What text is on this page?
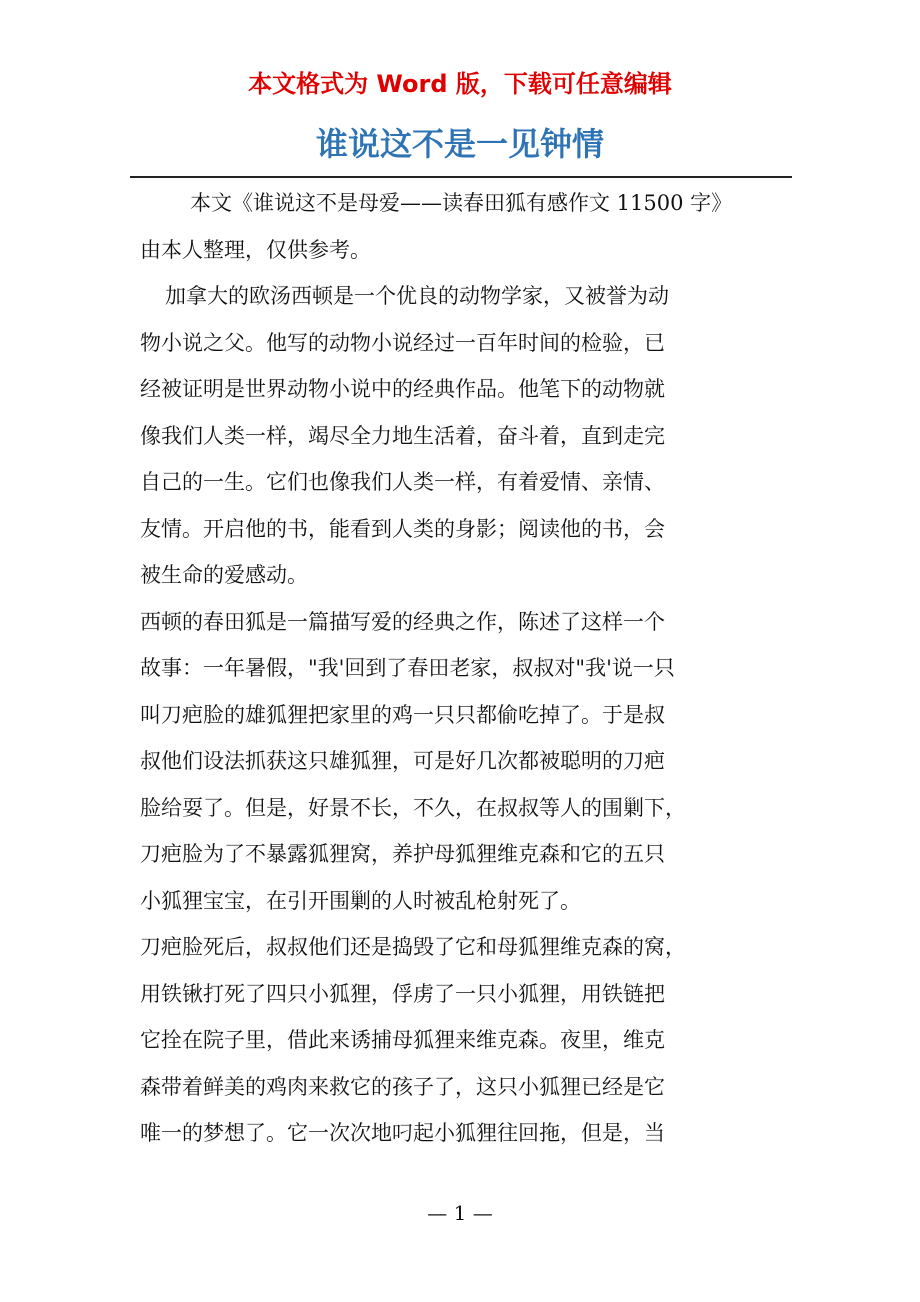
本文格式为 Word 版，下载可任意编辑
谁说这不是一见钟情
本文《谁说这不是母爱——读春田狐有感作文 11500 字》
由本人整理，仅供参考。
加拿大的欧汤西顿是一个优良的动物学家，又被誉为动
物小说之父。他写的动物小说经过一百年时间的检验，已
经被证明是世界动物小说中的经典作品。他笔下的动物就
像我们人类一样，竭尽全力地生活着，奋斗着，直到走完
自己的一生。它们也像我们人类一样，有着爱情、亲情、
友情。开启他的书，能看到人类的身影；阅读他的书，会
被生命的爱感动。
西顿的春田狐是一篇描写爱的经典之作，陈述了这样一个
故事：一年暑假，"我'回到了春田老家，叔叔对"我'说一只
叫刀疤脸的雄狐狸把家里的鸡一只只都偷吃掉了。于是叔
叔他们设法抓获这只雄狐狸，可是好几次都被聪明的刀疤
脸给耍了。但是，好景不长，不久，在叔叔等人的围剿下，
刀疤脸为了不暴露狐狸窝，养护母狐狸维克森和它的五只
小狐狸宝宝，在引开围剿的人时被乱枪射死了。
刀疤脸死后，叔叔他们还是捣毁了它和母狐狸维克森的窝，
用铁锹打死了四只小狐狸，俘虏了一只小狐狸，用铁链把
它拴在院子里，借此来诱捕母狐狸来维克森。夜里，维克
森带着鲜美的鸡肉来救它的孩子了，这只小狐狸已经是它
唯一的梦想了。它一次次地叼起小狐狸往回拖，但是，当
— 1 —
